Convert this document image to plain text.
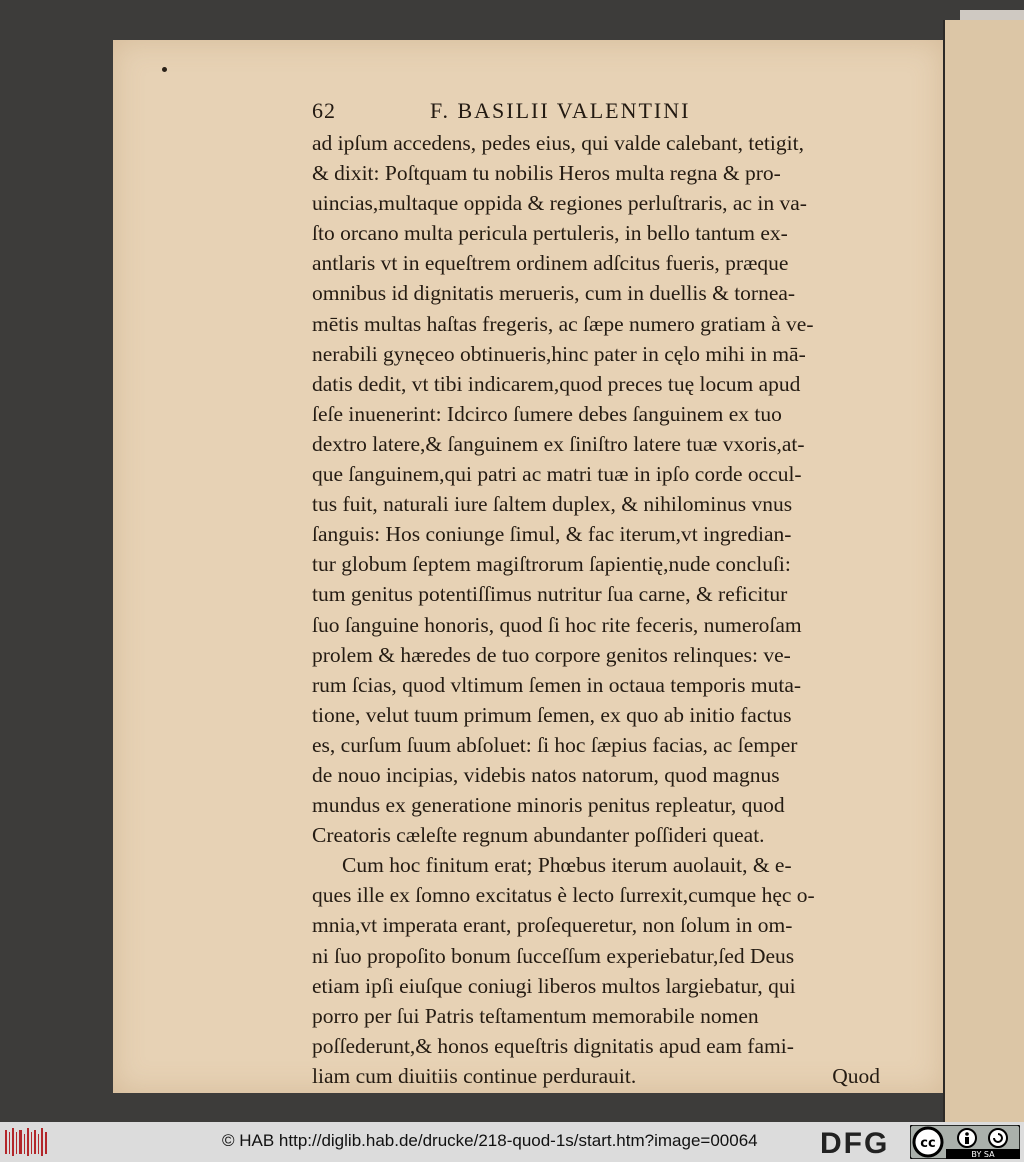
62	F. BASILII VALENTINI
ad ipſum accedens, pedes eius, qui valde calebant, tetigit,
& dixit: Poſtquam tu nobilis Heros multa regna & pro-
uincias,multaque oppida & regiones perluſtraris, ac in va-
ſto orcano multa pericula pertuleris, in bello tantum ex-
antlaris vt in equeſtrem ordinem adſcitus fueris, præque
omnibus id dignitatis merueris, cum in duellis & tornea-
mētis multas haſtas fregeris, ac ſæpe numero gratiam à ve-
nerabili gynęceo obtinueris,hinc pater in cęlo mihi in mā-
datis dedit, vt tibi indicarem,quod preces tuę locum apud
ſeſe inuenerint: Idcirco ſumere debes ſanguinem ex tuo
dextro latere,& ſanguinem ex ſiniſtro latere tuæ vxoris,at-
que ſanguinem,qui patri ac matri tuæ in ipſo corde occul-
tus fuit, naturali iure ſaltem duplex, & nihilominus vnus
ſanguis: Hos coniunge ſimul, & fac iterum,vt ingredian-
tur globum ſeptem magiſtrorum ſapientię,nude concluſi:
tum genitus potentiſſimus nutritur ſua carne, & reficitur
ſuo ſanguine honoris, quod ſi hoc rite feceris, numeroſam
prolem & hæredes de tuo corpore genitos relinques: ve-
rum ſcias, quod vltimum ſemen in octaua temporis muta-
tione, velut tuum primum ſemen, ex quo ab initio factus
es, curſum ſuum abſoluet: ſi hoc ſæpius facias, ac ſemper
de nouo incipias, videbis natos natorum, quod magnus
mundus ex generatione minoris penitus repleatur, quod
Creatoris cæleſte regnum abundanter poſſideri queat.
Cum hoc finitum erat; Phœbus iterum auolauit, & e-
ques ille ex ſomno excitatus è lecto ſurrexit,cumque hęc o-
mnia,vt imperata erant, proſequeretur, non ſolum in om-
ni ſuo propoſito bonum ſucceſſum experiebatur,ſed Deus
etiam ipſi eiuſque coniugi liberos multos largiebatur, qui
porro per ſui Patris teſtamentum memorabile nomen
poſſederunt,& honos equeſtris dignitatis apud eam fami-
liam cum diuitiis continue perdurauit.	Quod
© HAB http://diglib.hab.de/drucke/218-quod-1s/start.htm?image=00064 DFG cc
BY SA
